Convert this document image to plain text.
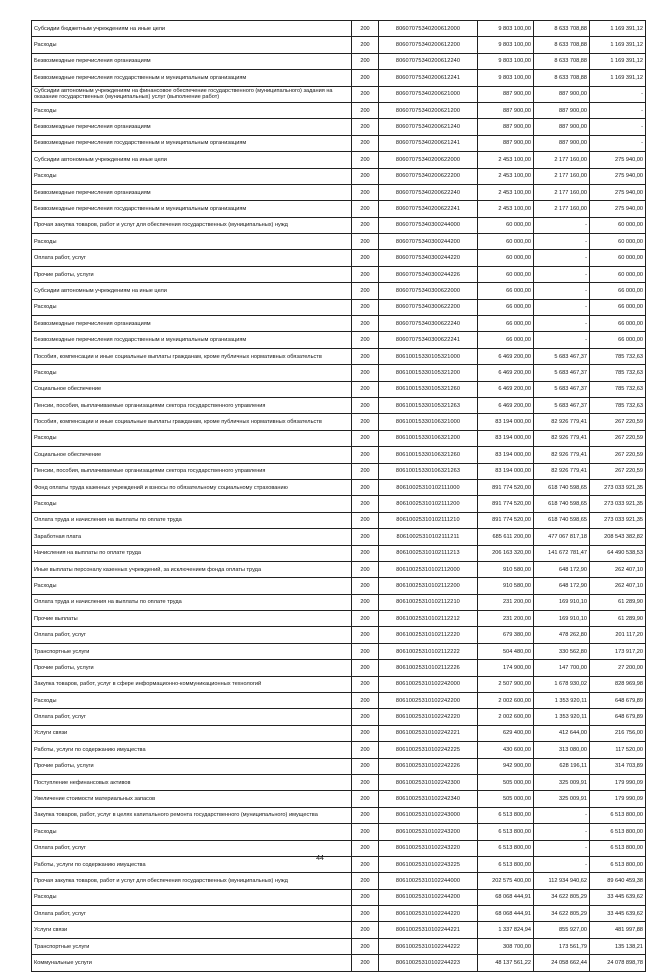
Субсидии бюджетным учреждениям на иные цели	200	80607075340200612000	9 803 100,00	8 633 708,88	1 169 391,12
Расходы	200	80607075340200612200	9 803 100,00	8 633 708,88	1 169 391,12
Безвозмездные перечисления организациям	200	80607075340200612240	9 803 100,00	8 633 708,88	1 169 391,12
Безвозмездные перечисления государственным и муниципальным организациям	200	80607075340200612241	9 803 100,00	8 633 708,88	1 169 391,12
Субсидии автономным учреждениям на финансовое обеспечение государственного (муниципального) задания на оказание государственных (муниципальных) услуг (выполнение работ)	200	80607075340200621000	887 900,00	887 900,00	-
Расходы	200	80607075340200621200	887 900,00	887 900,00	-
Безвозмездные перечисления организациям	200	80607075340200621240	887 900,00	887 900,00	-
Безвозмездные перечисления государственным и муниципальным организациям	200	80607075340200621241	887 900,00	887 900,00	-
Субсидии автономным учреждениям на иные цели	200	80607075340200622000	2 453 100,00	2 177 160,00	275 940,00
Расходы	200	80607075340200622200	2 453 100,00	2 177 160,00	275 940,00
Безвозмездные перечисления организациям	200	80607075340200622240	2 453 100,00	2 177 160,00	275 940,00
Безвозмездные перечисления государственным и муниципальным организациям	200	80607075340200622241	2 453 100,00	2 177 160,00	275 940,00
Прочая закупка товаров, работ и услуг для обеспечения государственных (муниципальных) нужд	200	80607075340300244000	60 000,00	-	60 000,00
Расходы	200	80607075340300244200	60 000,00	-	60 000,00
Оплата работ, услуг	200	80607075340300244220	60 000,00	-	60 000,00
Прочие работы, услуги	200	80607075340300244226	60 000,00	-	60 000,00
Субсидии автономным учреждениям на иные цели	200	80607075340300622000	66 000,00	-	66 000,00
Расходы	200	80607075340300622200	66 000,00	-	66 000,00
Безвозмездные перечисления организациям	200	80607075340300622240	66 000,00	-	66 000,00
Безвозмездные перечисления государственным и муниципальным организациям	200	80607075340300622241	66 000,00	-	66 000,00
Пособия, компенсации и иные социальные выплаты гражданам, кроме публичных нормативных обязательств	200	80610015330105321000	6 469 200,00	5 683 467,37	785 732,63
Расходы	200	80610015330105321200	6 469 200,00	5 683 467,37	785 732,63
Социальное обеспечение	200	80610015330105321260	6 469 200,00	5 683 467,37	785 732,63
Пенсии, пособия, выплачиваемые организациями сектора государственного управления	200	80610015330105321263	6 469 200,00	5 683 467,37	785 732,63
Пособия, компенсации и иные социальные выплаты гражданам, кроме публичных нормативных обязательств	200	80610015330106321000	83 194 000,00	82 926 779,41	267 220,59
Расходы	200	80610015330106321200	83 194 000,00	82 926 779,41	267 220,59
Социальное обеспечение	200	80610015330106321260	83 194 000,00	82 926 779,41	267 220,59
Пенсии, пособия, выплачиваемые организациями сектора государственного управления	200	80610015330106321263	83 194 000,00	82 926 779,41	267 220,59
Фонд оплаты труда казенных учреждений и взносы по обязательному социальному страхованию	200	80610025310102111000	891 774 520,00	618 740 598,65	273 033 921,35
Расходы	200	80610025310102111200	891 774 520,00	618 740 598,65	273 033 921,35
Оплата труда и начисления на выплаты по оплате труда	200	80610025310102111210	891 774 520,00	618 740 598,65	273 033 921,35
Заработная плата	200	80610025310102111211	685 611 200,00	477 067 817,18	208 543 382,82
Начисления на выплаты по оплате труда	200	80610025310102111213	206 163 320,00	141 672 781,47	64 490 538,53
Иные выплаты персоналу казенных учреждений, за исключением фонда оплаты труда	200	80610025310102112000	910 580,00	648 172,90	262 407,10
Расходы	200	80610025310102112200	910 580,00	648 172,90	262 407,10
Оплата труда и начисления на выплаты по оплате труда	200	80610025310102112210	231 200,00	169 910,10	61 289,90
Прочие выплаты	200	80610025310102112212	231 200,00	169 910,10	61 289,90
Оплата работ, услуг	200	80610025310102112220	679 380,00	478 262,80	201 117,20
Транспортные услуги	200	80610025310102112222	504 480,00	330 562,80	173 917,20
Прочие работы, услуги	200	80610025310102112226	174 900,00	147 700,00	27 200,00
Закупка товаров, работ, услуг в сфере информационно-коммуникационных технологий	200	80610025310102242000	2 507 900,00	1 678 930,02	828 969,98
Расходы	200	80610025310102242200	2 002 600,00	1 353 920,11	648 679,89
Оплата работ, услуг	200	80610025310102242220	2 002 600,00	1 353 920,11	648 679,89
Услуги связи	200	80610025310102242221	629 400,00	412 644,00	216 756,00
Работы, услуги по содержанию имущества	200	80610025310102242225	430 600,00	313 080,00	117 520,00
Прочие работы, услуги	200	80610025310102242226	942 900,00	628 196,11	314 703,89
Поступление нефинансовых активов	200	80610025310102242300	505 000,00	325 009,91	179 990,09
Увеличение стоимости материальных запасов	200	80610025310102242340	505 000,00	325 009,91	179 990,09
Закупка товаров, работ, услуг в целях капитального ремонта государственного (муниципального) имущества	200	80610025310102243000	6 513 800,00	-	6 513 800,00
Расходы	200	80610025310102243200	6 513 800,00	-	6 513 800,00
Оплата работ, услуг	200	80610025310102243220	6 513 800,00	-	6 513 800,00
Работы, услуги по содержанию имущества	200	80610025310102243225	6 513 800,00	-	6 513 800,00
Прочая закупка товаров, работ и услуг для обеспечения государственных (муниципальных) нужд	200	80610025310102244000	202 575 400,00	112 934 940,62	89 640 459,38
Расходы	200	80610025310102244200	68 068 444,91	34 622 805,29	33 445 639,62
Оплата работ, услуг	200	80610025310102244220	68 068 444,91	34 622 805,29	33 445 639,62
Услуги связи	200	80610025310102244221	1 337 824,94	855 927,00	481 997,88
Транспортные услуги	200	80610025310102244222	308 700,00	173 561,79	135 138,21
Коммунальные услуги	200	80610025310102244223	48 137 561,22	24 058 662,44	24 078 898,78
44
